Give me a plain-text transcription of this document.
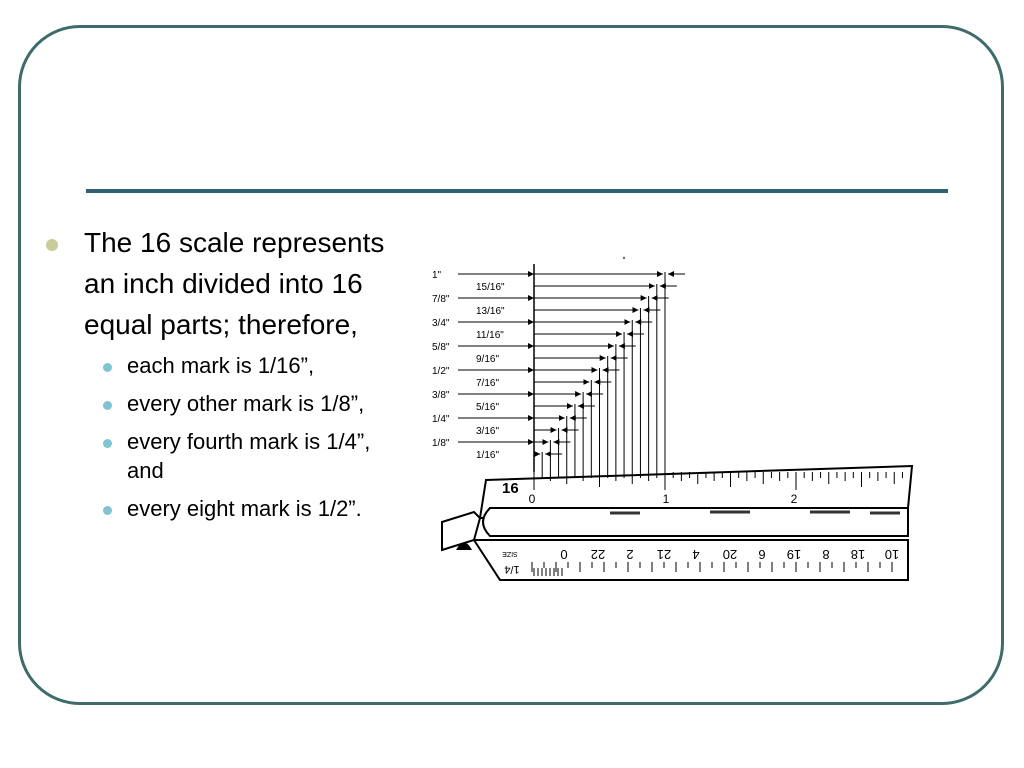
The 16 scale represents an inch divided into 16 equal parts; therefore,
each mark is 1/16”,
every other mark is 1/8”,
every fourth mark is 1/4”, and
every eight mark is 1/2”.
1"
15/16"
7/8"
13/16"
3/4"
11/16"
5/8"
9/16"
1/2"
7/16"
3/8"
5/16"
1/4"
3/16"
1/8"
1/16"
16
0	1	2
SIZE
1/4
0 22 2 21 4 20 6 19 8 18 10
